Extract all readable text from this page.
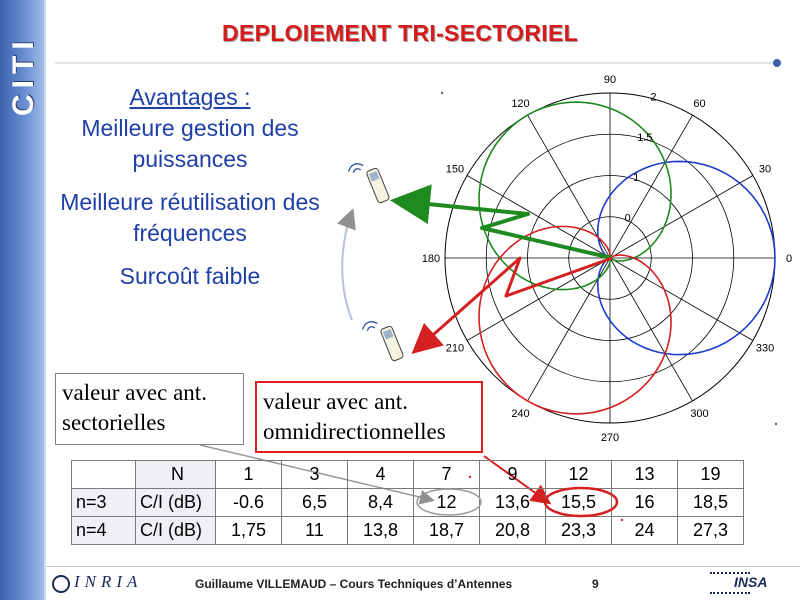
CITI
DEPLOIEMENT TRI-SECTORIEL
Avantages :
Meilleure gestion des puissances
Meilleure réutilisation des fréquences
Surcoût faible
0
30
60
90
120
150
180
210
240
270
300
330
0
1
1.5
2
valeur avec ant. sectorielles
valeur avec ant. omnidirectionnelles
	N	1	3	4	7	9	12	13	19
n=3	C/I (dB)	-0.6	6,5	8,4	12	13,6	15,5	16	18,5
n=4	C/I (dB)	1,75	11	13,8	18,7	20,8	23,3	24	27,3
INRIA	Guillaume VILLEMAUD – Cours Techniques d’Antennes	9	INSA
